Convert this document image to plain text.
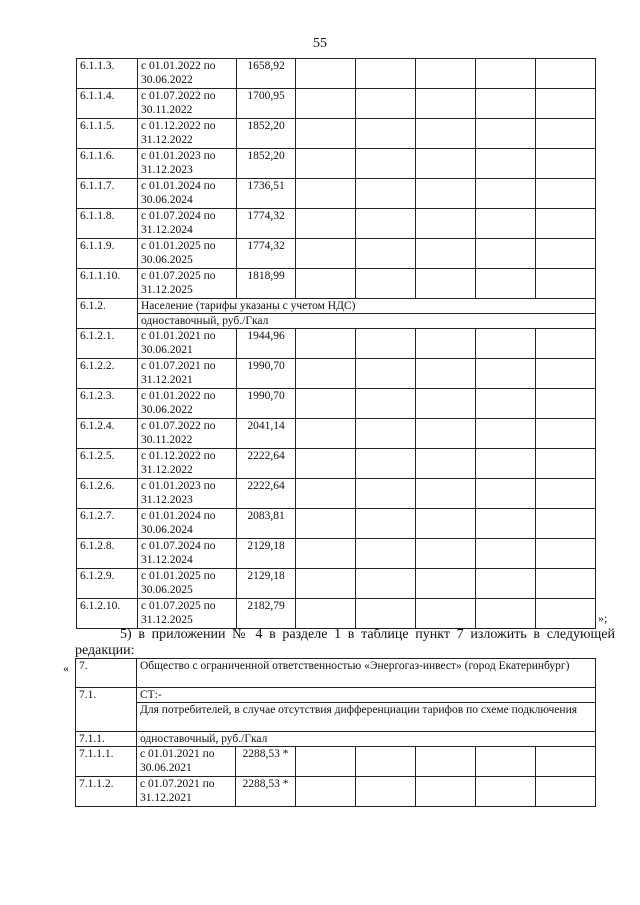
55
6.1.1.3.	с 01.01.2022 по 30.06.2022	1658,92					
6.1.1.4.	с 01.07.2022 по 30.11.2022	1700,95					
6.1.1.5.	с 01.12.2022 по 31.12.2022	1852,20					
6.1.1.6.	с 01.01.2023 по 31.12.2023	1852,20					
6.1.1.7.	с 01.01.2024 по 30.06.2024	1736,51					
6.1.1.8.	с 01.07.2024 по 31.12.2024	1774,32					
6.1.1.9.	с 01.01.2025 по 30.06.2025	1774,32					
6.1.1.10.	с 01.07.2025 по 31.12.2025	1818,99					
6.1.2.	Население (тарифы указаны с учетом НДС)						
	одноставочный, руб./Гкал						
6.1.2.1.	с 01.01.2021 по 30.06.2021	1944,96					
6.1.2.2.	с 01.07.2021 по 31.12.2021	1990,70					
6.1.2.3.	с 01.01.2022 по 30.06.2022	1990,70					
6.1.2.4.	с 01.07.2022 по 30.11.2022	2041,14					
6.1.2.5.	с 01.12.2022 по 31.12.2022	2222,64					
6.1.2.6.	с 01.01.2023 по 31.12.2023	2222,64					
6.1.2.7.	с 01.01.2024 по 30.06.2024	2083,81					
6.1.2.8.	с 01.07.2024 по 31.12.2024	2129,18					
6.1.2.9.	с 01.01.2025 по 30.06.2025	2129,18					
6.1.2.10.	с 01.07.2025 по 31.12.2025	2182,79					
»;
5) в приложении № 4 в разделе 1 в таблице пункт 7 изложить в следующей редакции:
« 7.	Общество с ограниченной ответственностью «Энергогаз-инвест» (город Екатеринбург)						
7.1.	СТ:-						
	Для потребителей, в случае отсутствия дифференциации тарифов по схеме подключения						
7.1.1.	одноставочный, руб./Гкал						
7.1.1.1.	с 01.01.2021 по 30.06.2021	2288,53 *					
7.1.1.2.	с 01.07.2021 по 31.12.2021	2288,53 *					
